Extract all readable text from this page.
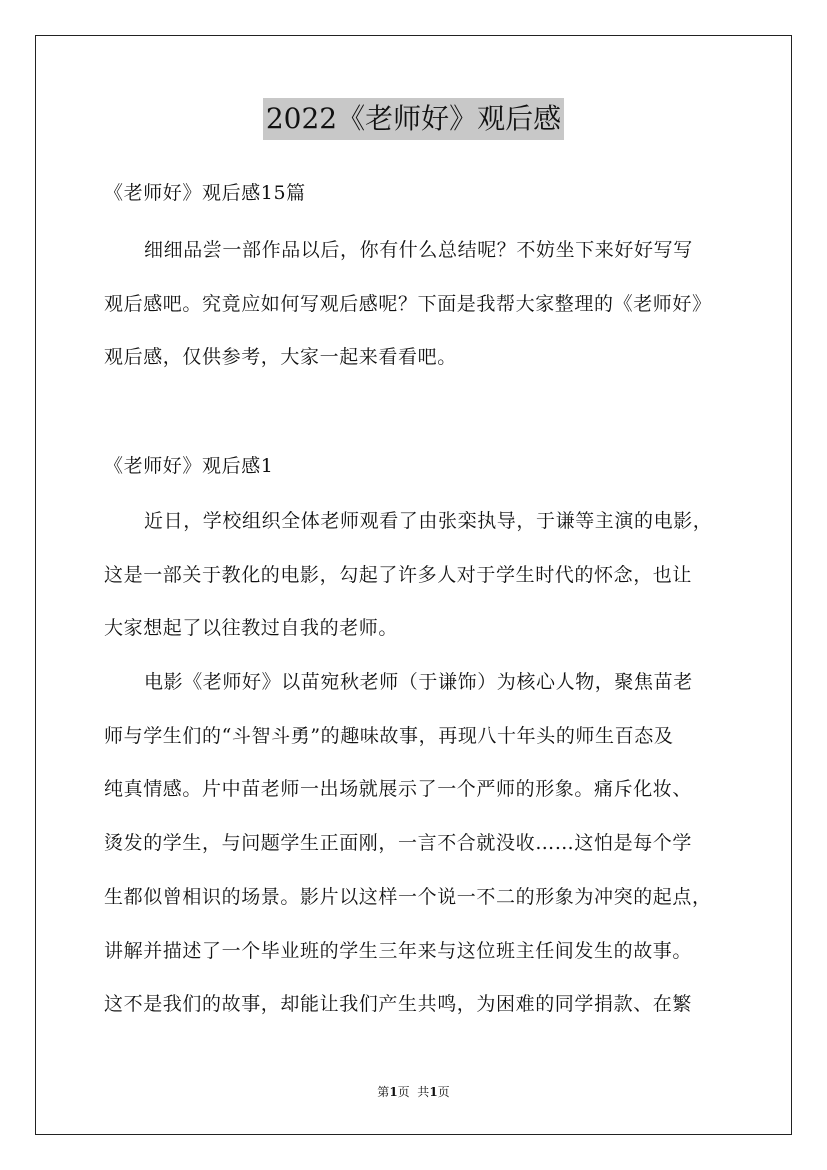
2022《老师好》观后感
《老师好》观后感15篇
细细品尝一部作品以后，你有什么总结呢？不妨坐下来好好写写
观后感吧。究竟应如何写观后感呢？下面是我帮大家整理的《老师好》
观后感，仅供参考，大家一起来看看吧。
《老师好》观后感1
近日，学校组织全体老师观看了由张栾执导，于谦等主演的电影，
这是一部关于教化的电影，勾起了许多人对于学生时代的怀念，也让
大家想起了以往教过自我的老师。
电影《老师好》以苗宛秋老师（于谦饰）为核心人物，聚焦苗老
师与学生们的“斗智斗勇”的趣味故事，再现八十年头的师生百态及
纯真情感。片中苗老师一出场就展示了一个严师的形象。痛斥化妆、
烫发的学生，与问题学生正面刚，一言不合就没收……这怕是每个学
生都似曾相识的场景。影片以这样一个说一不二的形象为冲突的起点，
讲解并描述了一个毕业班的学生三年来与这位班主任间发生的故事。
这不是我们的故事，却能让我们产生共鸣，为困难的同学捐款、在繁
第1页  共1页
